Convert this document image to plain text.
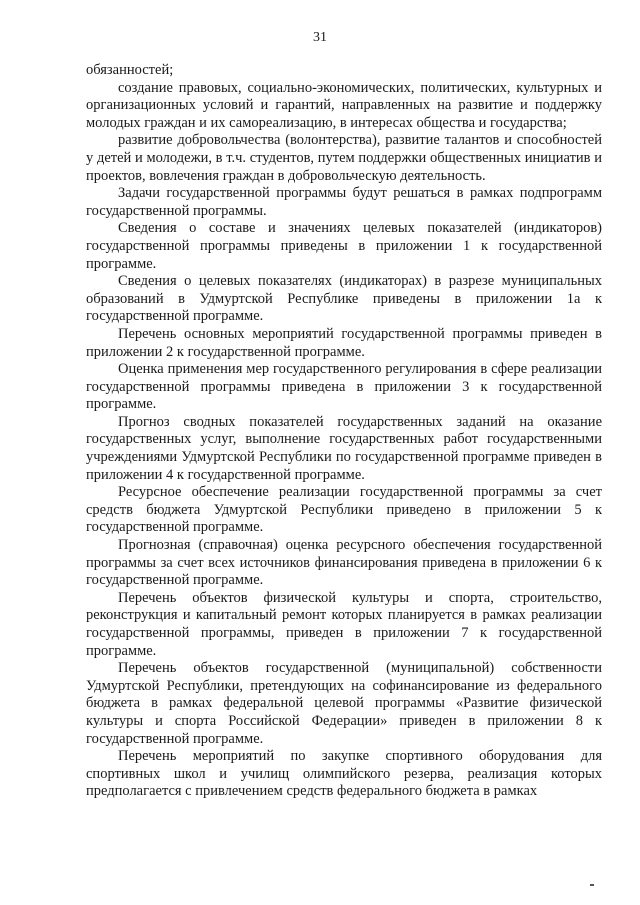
31

обязанностей;

создание правовых, социально-экономических, политических, культурных и организационных условий и гарантий, направленных на развитие и поддержку молодых граждан и их самореализацию, в интересах общества и государства;

развитие добровольчества (волонтерства), развитие талантов и способностей у детей и молодежи, в т.ч. студентов, путем поддержки общественных инициатив и проектов, вовлечения граждан в добровольческую деятельность.

Задачи государственной программы будут решаться в рамках подпрограмм государственной программы.

Сведения о составе и значениях целевых показателей (индикаторов) государственной программы приведены в приложении 1 к государственной программе.

Сведения о целевых показателях (индикаторах) в разрезе муниципальных образований в Удмуртской Республике приведены в приложении 1а к государственной программе.

Перечень основных мероприятий государственной программы приведен в приложении 2 к государственной программе.

Оценка применения мер государственного регулирования в сфере реализации государственной программы приведена в приложении 3 к государственной программе.

Прогноз сводных показателей государственных заданий на оказание государственных услуг, выполнение государственных работ государственными учреждениями Удмуртской Республики по государственной программе приведен в приложении 4 к государственной программе.

Ресурсное обеспечение реализации государственной программы за счет средств бюджета Удмуртской Республики приведено в приложении 5 к государственной программе.

Прогнозная (справочная) оценка ресурсного обеспечения государственной программы за счет всех источников финансирования приведена в приложении 6 к государственной программе.

Перечень объектов физической культуры и спорта, строительство, реконструкция и капитальный ремонт которых планируется в рамках реализации государственной программы, приведен в приложении 7 к государственной программе.

Перечень объектов государственной (муниципальной) собственности Удмуртской Республики, претендующих на софинансирование из федерального бюджета в рамках федеральной целевой программы «Развитие физической культуры и спорта Российской Федерации» приведен в приложении 8 к государственной программе.

Перечень мероприятий по закупке спортивного оборудования для спортивных школ и училищ олимпийского резерва, реализация которых предполагается с привлечением средств федерального бюджета в рамках
